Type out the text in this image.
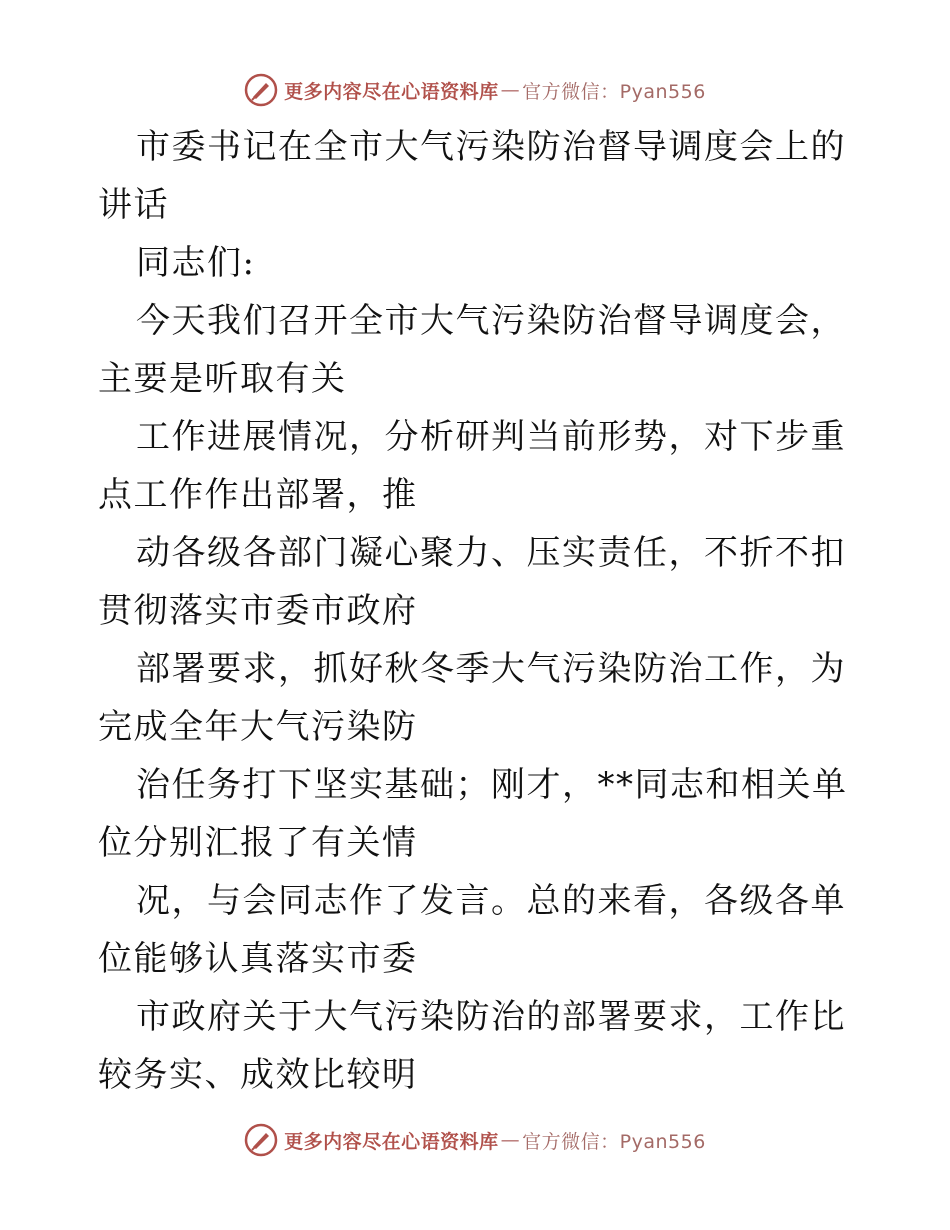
更多内容尽在心语资料库 — 官方微信：Pyan556

市委书记在全市大气污染防治督导调度会上的讲话

同志们:

今天我们召开全市大气污染防治督导调度会，主要是听取有关

工作进展情况，分析研判当前形势，对下步重点工作作出部署，推

动各级各部门凝心聚力、压实责任，不折不扣贯彻落实市委市政府

部署要求，抓好秋冬季大气污染防治工作，为完成全年大气污染防

治任务打下坚实基础；刚才，**同志和相关单位分别汇报了有关情

况，与会同志作了发言。总的来看，各级各单位能够认真落实市委

市政府关于大气污染防治的部署要求，工作比较务实、成效比较明

更多内容尽在心语资料库 — 官方微信：Pyan556
